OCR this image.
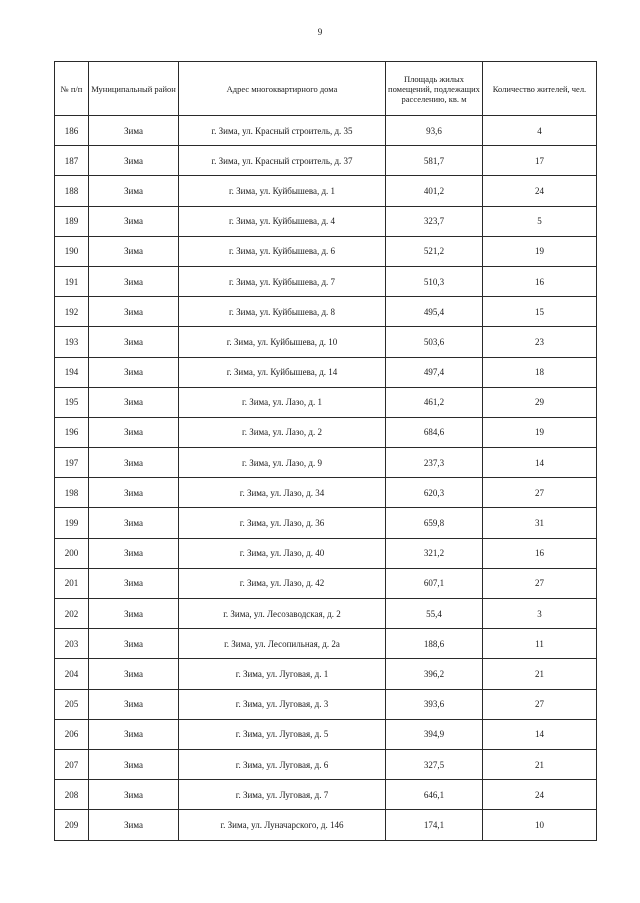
9
№ п/п	Муниципальный район	Адрес многоквартирного дома	Площадь жилых помещений, подлежащих расселению, кв. м	Количество жителей, чел.
186	Зима	г. Зима, ул. Красный строитель, д. 35	93,6	4
187	Зима	г. Зима, ул. Красный строитель, д. 37	581,7	17
188	Зима	г. Зима, ул. Куйбышева, д. 1	401,2	24
189	Зима	г. Зима, ул. Куйбышева, д. 4	323,7	5
190	Зима	г. Зима, ул. Куйбышева, д. 6	521,2	19
191	Зима	г. Зима, ул. Куйбышева, д. 7	510,3	16
192	Зима	г. Зима, ул. Куйбышева, д. 8	495,4	15
193	Зима	г. Зима, ул. Куйбышева, д. 10	503,6	23
194	Зима	г. Зима, ул. Куйбышева, д. 14	497,4	18
195	Зима	г. Зима, ул. Лазо, д. 1	461,2	29
196	Зима	г. Зима, ул. Лазо, д. 2	684,6	19
197	Зима	г. Зима, ул. Лазо, д. 9	237,3	14
198	Зима	г. Зима, ул. Лазо, д. 34	620,3	27
199	Зима	г. Зима, ул. Лазо, д. 36	659,8	31
200	Зима	г. Зима, ул. Лазо, д. 40	321,2	16
201	Зима	г. Зима, ул. Лазо, д. 42	607,1	27
202	Зима	г. Зима, ул. Лесозаводская, д. 2	55,4	3
203	Зима	г. Зима, ул. Лесопильная, д. 2а	188,6	11
204	Зима	г. Зима, ул. Луговая, д. 1	396,2	21
205	Зима	г. Зима, ул. Луговая, д. 3	393,6	27
206	Зима	г. Зима, ул. Луговая, д. 5	394,9	14
207	Зима	г. Зима, ул. Луговая, д. 6	327,5	21
208	Зима	г. Зима, ул. Луговая, д. 7	646,1	24
209	Зима	г. Зима, ул. Луначарского, д. 146	174,1	10
